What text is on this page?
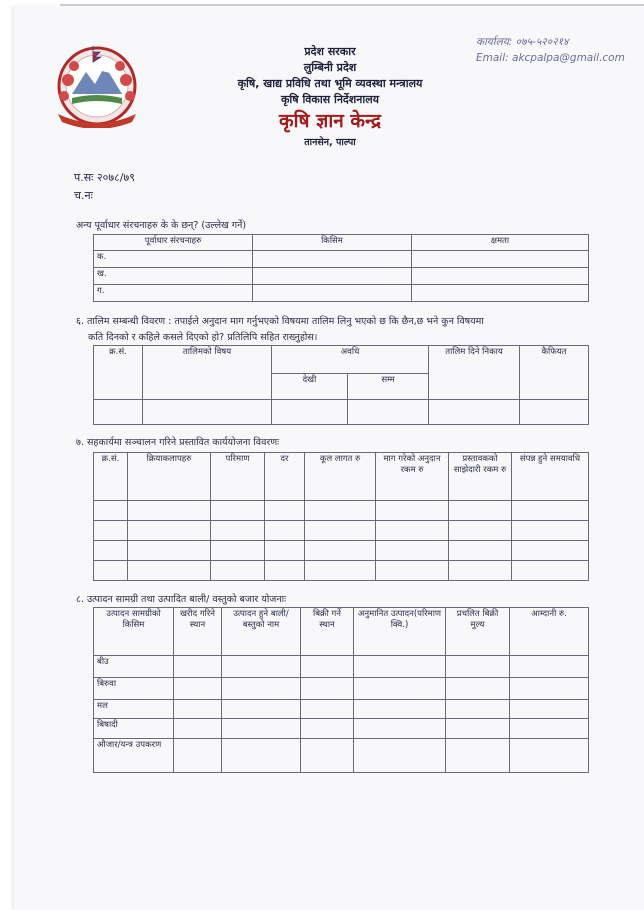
प्रदेश सरकार
लुम्बिनी प्रदेश
कृषि, खाद्य प्रविधि तथा भूमि व्यवस्था मन्त्रालय
कृषि विकास निर्देशनालय
कृषि ज्ञान केन्द्र
तानसेन, पाल्पा
कार्यालय: ०७५-५२०२१४
Email: akcpalpa@gmail.com
प.सः २०७८/७९
च.नः
अन्य पूर्वाधार संरचनाहरु के के छन्? (उल्लेख गर्ने)
पूर्वाधार संरचनाहरु	किसिम	क्षमता
क.		
ख.		
ग.		
६. तालिम सम्बन्धी विवरण : तपाईले अनुदान माग गर्नुभएको विषयमा तालिम लिनु भएको छ कि छैन,छ भने कुन विषयमा
कति दिनको र कहिले कसले दिएको हो? प्रतिलिपि सहित राख्नुहोस।
क्र.सं.	तालिमको विषय	अवधि		तालिम दिने निकाय	कैफियत
		देखी	सम्म		

७. सहकार्यमा सञ्चालन गरिने प्रस्तावित कार्ययोजना विवरणः
क्र.सं.	क्रियाकलापहरु	परिमाण	दर	कूल लागत रु	माग गरेको अनुदान रकम रु	प्रस्तावकको साझेदारी रकम रु	संपन्न हुने समयावधि

८. उत्पादन सामग्री तथा उत्पादित बाली/ वस्तुको बजार योजनाः
उत्पादन सामग्रीको किसिम	खरीद गरिने स्थान	उत्पादन हुने बाली/ बस्तुको नाम	बिक्री गर्ने स्थान	अनुमानित उत्पादन(परिमाण क्वि.)	प्रचलित बिक्री मुल्य	आम्दानी रु.
बीउ						
बिरुवा						
मल						
बिषादी						
औजार/यन्त्र उपकरण						
